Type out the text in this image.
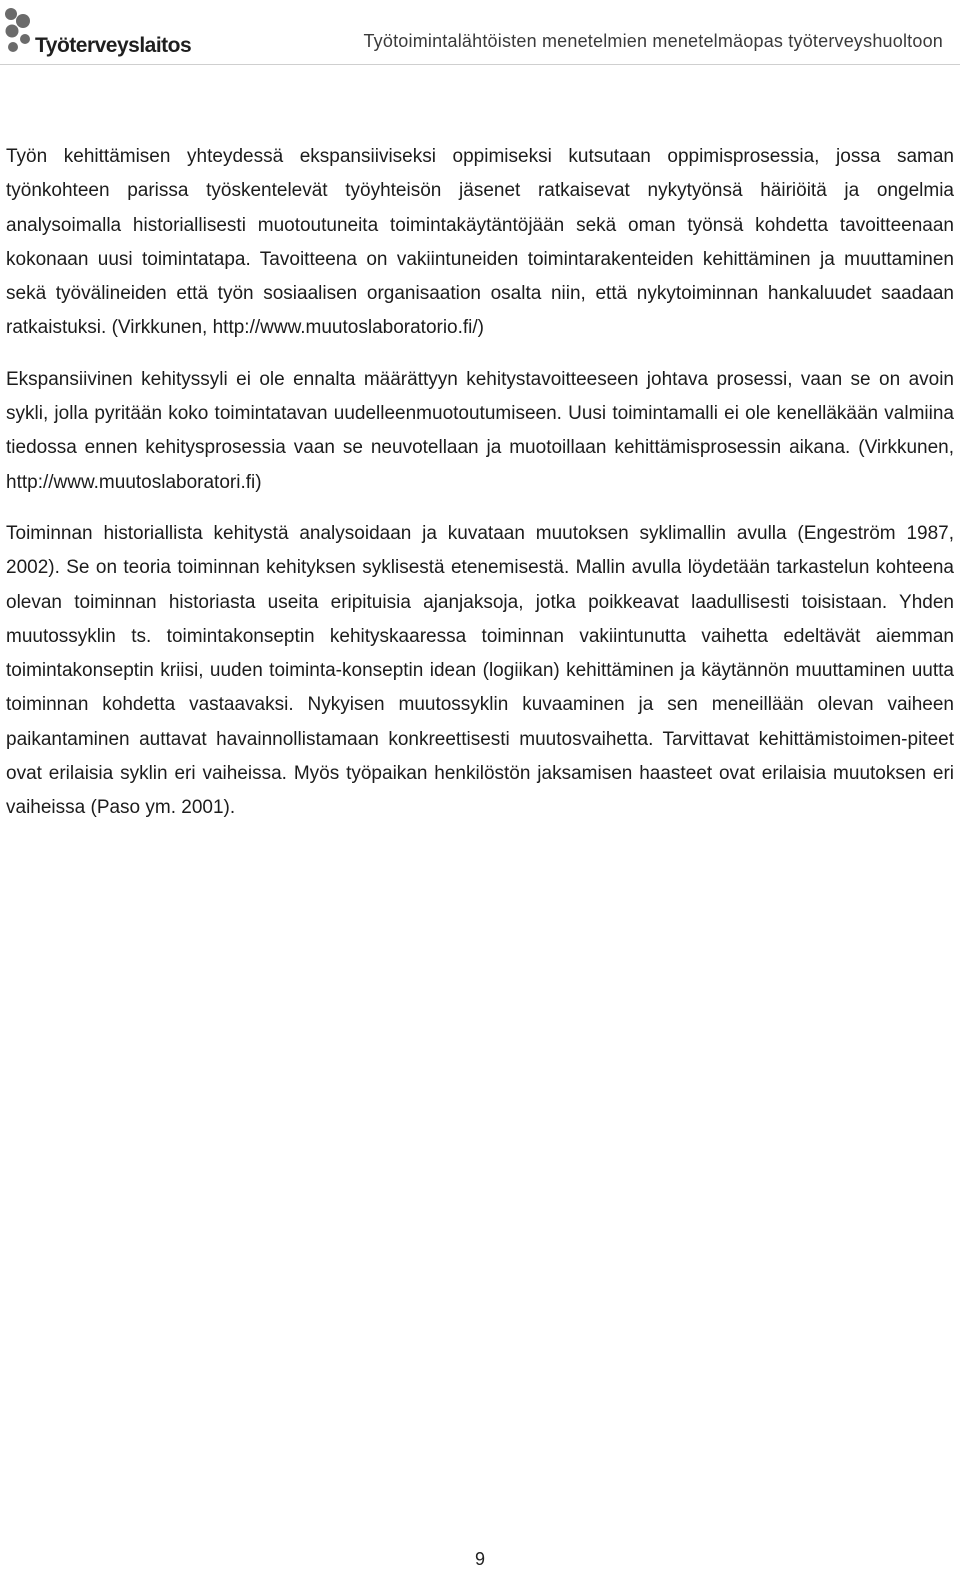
Työterveyslaitos	Työtoimintalähtöisten menetelmien menetelmäopas työterveyshuoltoon

Työn kehittämisen yhteydessä ekspansiiviseksi oppimiseksi kutsutaan oppimisprosessia, jossa saman työnkohteen parissa työskentelevät työyhteisön jäsenet ratkaisevat nykytyönsä häiriöitä ja ongelmia analysoimalla historiallisesti muotoutuneita toimintakäytäntöjään sekä oman työnsä kohdetta tavoitteenaan kokonaan uusi toimintatapa. Tavoitteena on vakiintuneiden toimintarakenteiden kehittäminen ja muuttaminen sekä työvälineiden että työn sosiaalisen organisaation osalta niin, että nykytoiminnan hankaluudet saadaan ratkaistuksi. (Virkkunen, http://www.muutoslaboratorio.fi/)

Ekspansiivinen kehityssyli ei ole ennalta määrättyyn kehitystavoitteeseen johtava prosessi, vaan se on avoin sykli, jolla pyritään koko toimintatavan uudelleenmuotoutumiseen. Uusi toimintamalli ei ole kenelläkään valmiina tiedossa ennen kehitysprosessia vaan se neuvotellaan ja muotoillaan kehittämisprosessin aikana. (Virkkunen, http://www.muutoslaboratori.fi)

Toiminnan historiallista kehitystä analysoidaan ja kuvataan muutoksen syklimallin avulla (Engeström 1987, 2002). Se on teoria toiminnan kehityksen syklisestä etenemisestä. Mallin avulla löydetään tarkastelun kohteena olevan toiminnan historiasta useita eripituisia ajanjaksoja, jotka poikkeavat laadullisesti toisistaan. Yhden muutossyklin ts. toimintakonseptin kehityskaaressa toiminnan vakiintunutta vaihetta edeltävät aiemman toimintakonseptin kriisi, uuden toiminta-konseptin idean (logiikan) kehittäminen ja käytännön muuttaminen uutta toiminnan kohdetta vastaavaksi. Nykyisen muutossyklin kuvaaminen ja sen meneillään olevan vaiheen paikantaminen auttavat havainnollistamaan konkreettisesti muutosvaihetta. Tarvittavat kehittämistoimen-piteet ovat erilaisia syklin eri vaiheissa. Myös työpaikan henkilöstön jaksamisen haasteet ovat erilaisia muutoksen eri vaiheissa (Paso ym. 2001).

9
